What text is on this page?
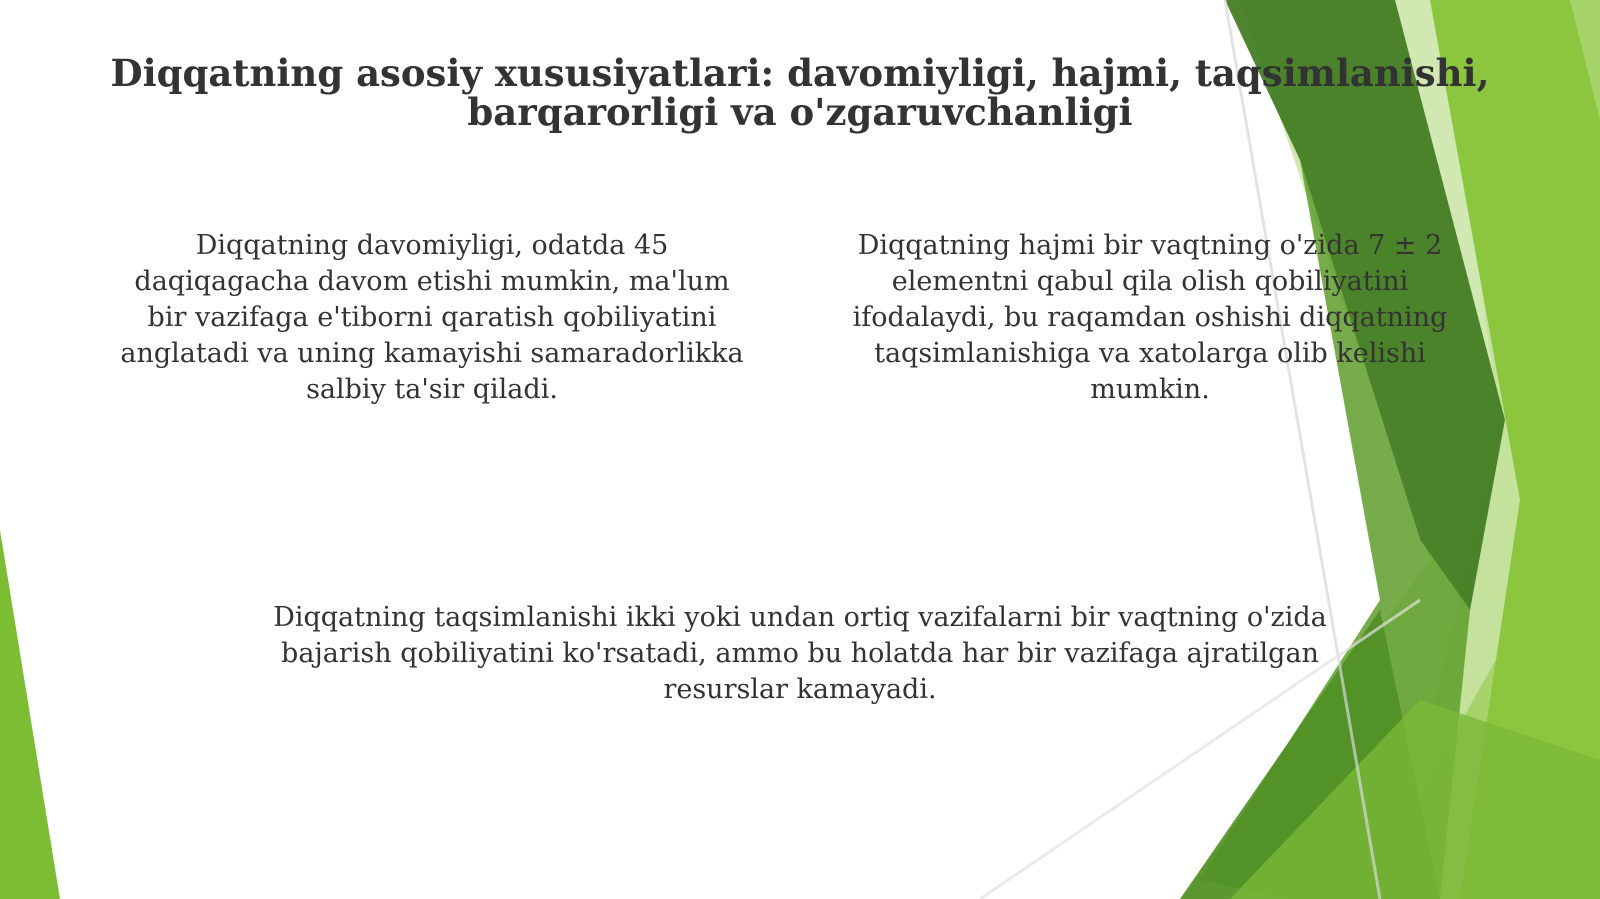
Diqqatning asosiy xususiyatlari: davomiyligi, hajmi, taqsimlanishi, barqarorligi va o'zgaruvchanligi
Diqqatning davomiyligi, odatda 45 daqiqagacha davom etishi mumkin, ma'lum bir vazifaga e'tiborni qaratish qobiliyatini anglatadi va uning kamayishi samaradorlikka salbiy ta'sir qiladi.
Diqqatning hajmi bir vaqtning o'zida 7 ± 2 elementni qabul qila olish qobiliyatini ifodalaydi, bu raqamdan oshishi diqqatning taqsimlanishiga va xatolarga olib kelishi mumkin.
Diqqatning taqsimlanishi ikki yoki undan ortiq vazifalarni bir vaqtning o'zida bajarish qobiliyatini ko'rsatadi, ammo bu holatda har bir vazifaga ajratilgan resurslar kamayadi.
